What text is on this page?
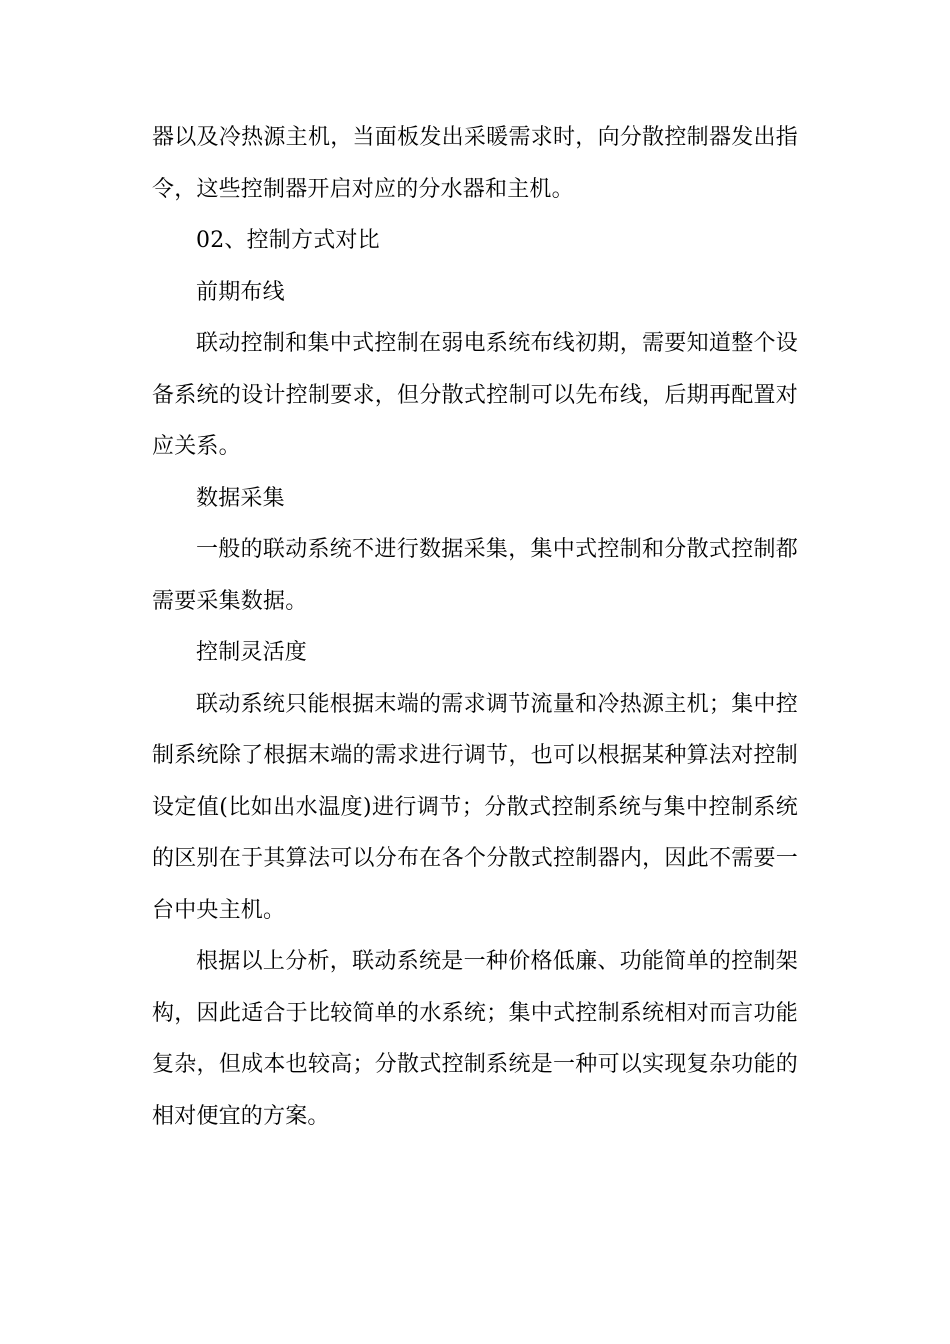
器以及冷热源主机，当面板发出采暖需求时，向分散控制器发出指令，这些控制器开启对应的分水器和主机。

02、控制方式对比

前期布线

联动控制和集中式控制在弱电系统布线初期，需要知道整个设备系统的设计控制要求，但分散式控制可以先布线，后期再配置对应关系。

数据采集

一般的联动系统不进行数据采集，集中式控制和分散式控制都需要采集数据。

控制灵活度

联动系统只能根据末端的需求调节流量和冷热源主机；集中控制系统除了根据末端的需求进行调节，也可以根据某种算法对控制设定值(比如出水温度)进行调节；分散式控制系统与集中控制系统的区别在于其算法可以分布在各个分散式控制器内，因此不需要一台中央主机。

根据以上分析，联动系统是一种价格低廉、功能简单的控制架构，因此适合于比较简单的水系统；集中式控制系统相对而言功能复杂，但成本也较高；分散式控制系统是一种可以实现复杂功能的相对便宜的方案。
